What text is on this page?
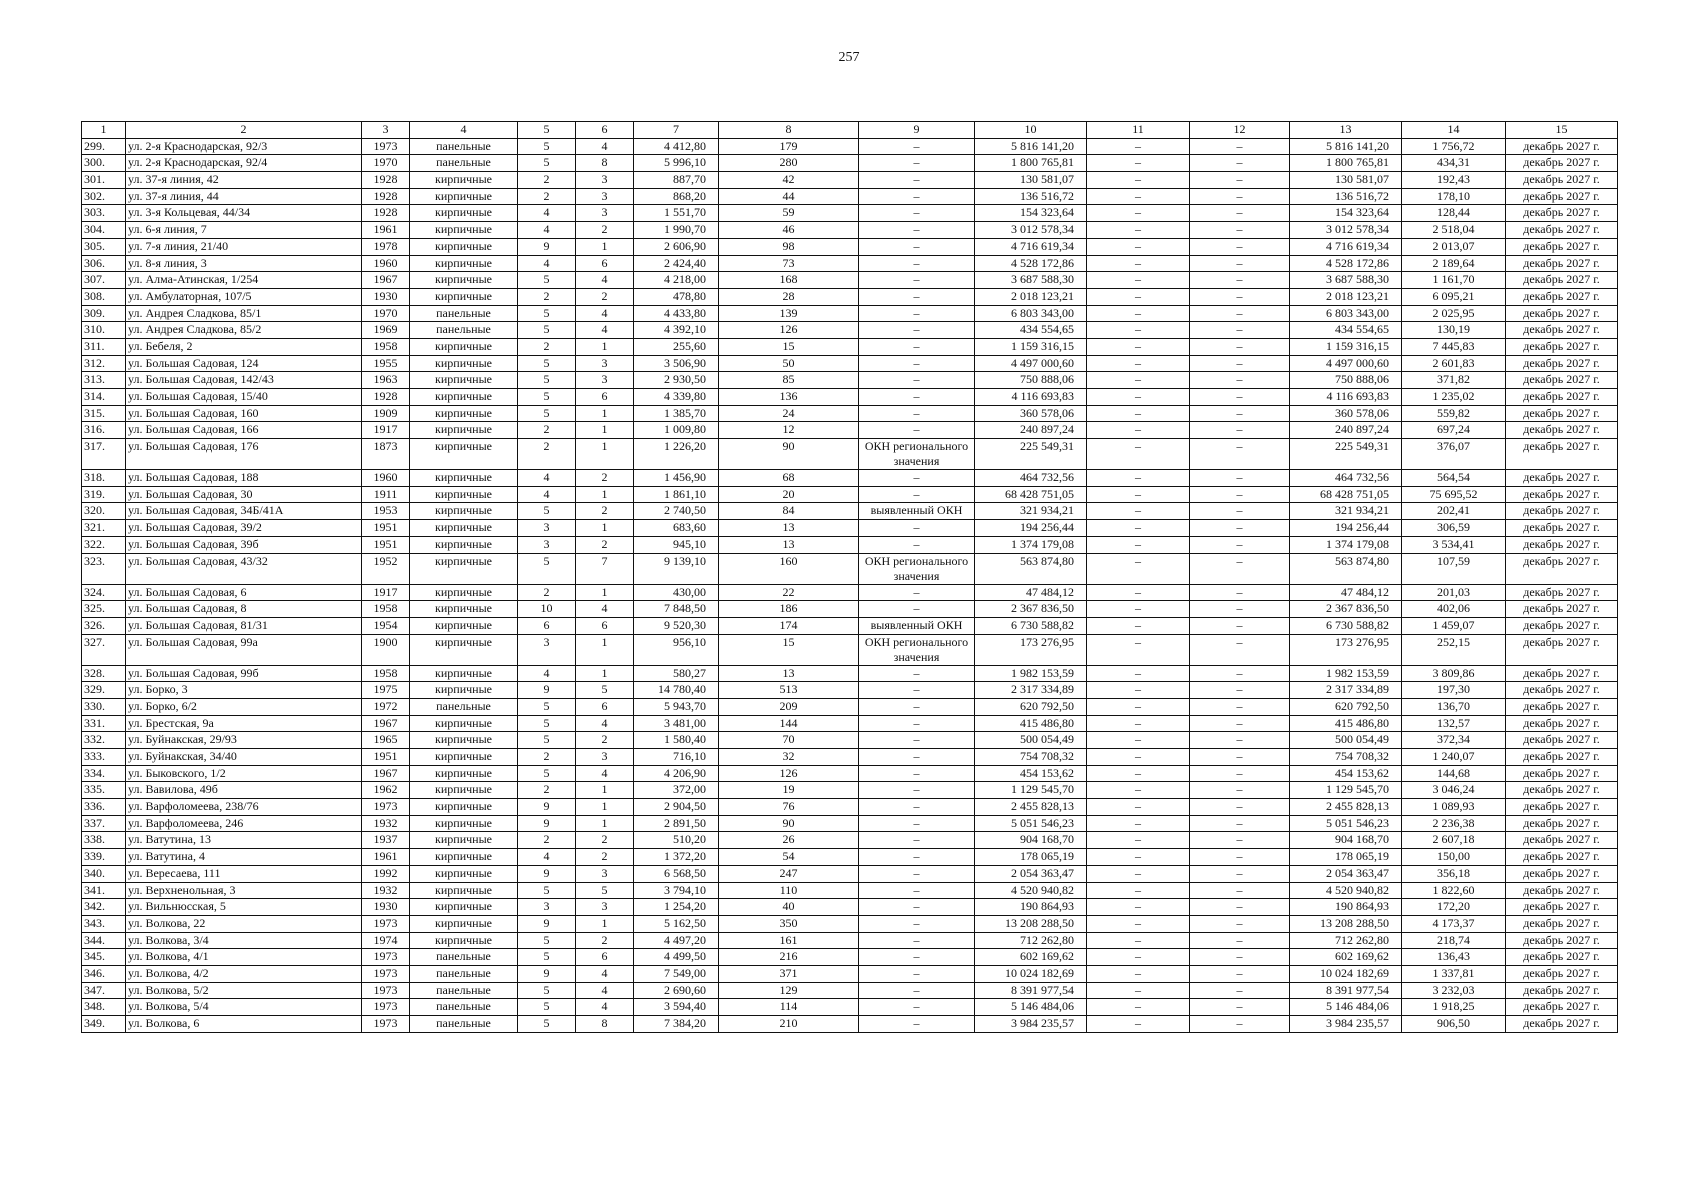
257
1	2	3	4	5	6	7	8	9	10	11	12	13	14	15
299.	ул. 2-я Краснодарская, 92/3	1973	панельные	5	4	4 412,80	179	–	5 816 141,20	–	–	5 816 141,20	1 756,72	декабрь 2027 г.
300.	ул. 2-я Краснодарская, 92/4	1970	панельные	5	8	5 996,10	280	–	1 800 765,81	–	–	1 800 765,81	434,31	декабрь 2027 г.
301.	ул. 37-я линия, 42	1928	кирпичные	2	3	887,70	42	–	130 581,07	–	–	130 581,07	192,43	декабрь 2027 г.
302.	ул. 37-я линия, 44	1928	кирпичные	2	3	868,20	44	–	136 516,72	–	–	136 516,72	178,10	декабрь 2027 г.
303.	ул. 3-я Кольцевая, 44/34	1928	кирпичные	4	3	1 551,70	59	–	154 323,64	–	–	154 323,64	128,44	декабрь 2027 г.
304.	ул. 6-я линия, 7	1961	кирпичные	4	2	1 990,70	46	–	3 012 578,34	–	–	3 012 578,34	2 518,04	декабрь 2027 г.
305.	ул. 7-я линия, 21/40	1978	кирпичные	9	1	2 606,90	98	–	4 716 619,34	–	–	4 716 619,34	2 013,07	декабрь 2027 г.
306.	ул. 8-я линия, 3	1960	кирпичные	4	6	2 424,40	73	–	4 528 172,86	–	–	4 528 172,86	2 189,64	декабрь 2027 г.
307.	ул. Алма-Атинская, 1/254	1967	кирпичные	5	4	4 218,00	168	–	3 687 588,30	–	–	3 687 588,30	1 161,70	декабрь 2027 г.
308.	ул. Амбулаторная, 107/5	1930	кирпичные	2	2	478,80	28	–	2 018 123,21	–	–	2 018 123,21	6 095,21	декабрь 2027 г.
309.	ул. Андрея Сладкова, 85/1	1970	панельные	5	4	4 433,80	139	–	6 803 343,00	–	–	6 803 343,00	2 025,95	декабрь 2027 г.
310.	ул. Андрея Сладкова, 85/2	1969	панельные	5	4	4 392,10	126	–	434 554,65	–	–	434 554,65	130,19	декабрь 2027 г.
311.	ул. Бебеля, 2	1958	кирпичные	2	1	255,60	15	–	1 159 316,15	–	–	1 159 316,15	7 445,83	декабрь 2027 г.
312.	ул. Большая Садовая, 124	1955	кирпичные	5	3	3 506,90	50	–	4 497 000,60	–	–	4 497 000,60	2 601,83	декабрь 2027 г.
313.	ул. Большая Садовая, 142/43	1963	кирпичные	5	3	2 930,50	85	–	750 888,06	–	–	750 888,06	371,82	декабрь 2027 г.
314.	ул. Большая Садовая, 15/40	1928	кирпичные	5	6	4 339,80	136	–	4 116 693,83	–	–	4 116 693,83	1 235,02	декабрь 2027 г.
315.	ул. Большая Садовая, 160	1909	кирпичные	5	1	1 385,70	24	–	360 578,06	–	–	360 578,06	559,82	декабрь 2027 г.
316.	ул. Большая Садовая, 166	1917	кирпичные	2	1	1 009,80	12	–	240 897,24	–	–	240 897,24	697,24	декабрь 2027 г.
317.	ул. Большая Садовая, 176	1873	кирпичные	2	1	1 226,20	90	ОКН регионального значения	225 549,31	–	–	225 549,31	376,07	декабрь 2027 г.
318.	ул. Большая Садовая, 188	1960	кирпичные	4	2	1 456,90	68	–	464 732,56	–	–	464 732,56	564,54	декабрь 2027 г.
319.	ул. Большая Садовая, 30	1911	кирпичные	4	1	1 861,10	20	–	68 428 751,05	–	–	68 428 751,05	75 695,52	декабрь 2027 г.
320.	ул. Большая Садовая, 34Б/41А	1953	кирпичные	5	2	2 740,50	84	выявленный ОКН	321 934,21	–	–	321 934,21	202,41	декабрь 2027 г.
321.	ул. Большая Садовая, 39/2	1951	кирпичные	3	1	683,60	13	–	194 256,44	–	–	194 256,44	306,59	декабрь 2027 г.
322.	ул. Большая Садовая, 39б	1951	кирпичные	3	2	945,10	13	–	1 374 179,08	–	–	1 374 179,08	3 534,41	декабрь 2027 г.
323.	ул. Большая Садовая, 43/32	1952	кирпичные	5	7	9 139,10	160	ОКН регионального значения	563 874,80	–	–	563 874,80	107,59	декабрь 2027 г.
324.	ул. Большая Садовая, 6	1917	кирпичные	2	1	430,00	22	–	47 484,12	–	–	47 484,12	201,03	декабрь 2027 г.
325.	ул. Большая Садовая, 8	1958	кирпичные	10	4	7 848,50	186	–	2 367 836,50	–	–	2 367 836,50	402,06	декабрь 2027 г.
326.	ул. Большая Садовая, 81/31	1954	кирпичные	6	6	9 520,30	174	выявленный ОКН	6 730 588,82	–	–	6 730 588,82	1 459,07	декабрь 2027 г.
327.	ул. Большая Садовая, 99а	1900	кирпичные	3	1	956,10	15	ОКН регионального значения	173 276,95	–	–	173 276,95	252,15	декабрь 2027 г.
328.	ул. Большая Садовая, 99б	1958	кирпичные	4	1	580,27	13	–	1 982 153,59	–	–	1 982 153,59	3 809,86	декабрь 2027 г.
329.	ул. Борко, 3	1975	кирпичные	9	5	14 780,40	513	–	2 317 334,89	–	–	2 317 334,89	197,30	декабрь 2027 г.
330.	ул. Борко, 6/2	1972	панельные	5	6	5 943,70	209	–	620 792,50	–	–	620 792,50	136,70	декабрь 2027 г.
331.	ул. Брестская, 9а	1967	кирпичные	5	4	3 481,00	144	–	415 486,80	–	–	415 486,80	132,57	декабрь 2027 г.
332.	ул. Буйнакская, 29/93	1965	кирпичные	5	2	1 580,40	70	–	500 054,49	–	–	500 054,49	372,34	декабрь 2027 г.
333.	ул. Буйнакская, 34/40	1951	кирпичные	2	3	716,10	32	–	754 708,32	–	–	754 708,32	1 240,07	декабрь 2027 г.
334.	ул. Быковского, 1/2	1967	кирпичные	5	4	4 206,90	126	–	454 153,62	–	–	454 153,62	144,68	декабрь 2027 г.
335.	ул. Вавилова, 49б	1962	кирпичные	2	1	372,00	19	–	1 129 545,70	–	–	1 129 545,70	3 046,24	декабрь 2027 г.
336.	ул. Варфоломеева, 238/76	1973	кирпичные	9	1	2 904,50	76	–	2 455 828,13	–	–	2 455 828,13	1 089,93	декабрь 2027 г.
337.	ул. Варфоломеева, 246	1932	кирпичные	9	1	2 891,50	90	–	5 051 546,23	–	–	5 051 546,23	2 236,38	декабрь 2027 г.
338.	ул. Ватутина, 13	1937	кирпичные	2	2	510,20	26	–	904 168,70	–	–	904 168,70	2 607,18	декабрь 2027 г.
339.	ул. Ватутина, 4	1961	кирпичные	4	2	1 372,20	54	–	178 065,19	–	–	178 065,19	150,00	декабрь 2027 г.
340.	ул. Вересаева, 111	1992	кирпичные	9	3	6 568,50	247	–	2 054 363,47	–	–	2 054 363,47	356,18	декабрь 2027 г.
341.	ул. Верхненольная, 3	1932	кирпичные	5	5	3 794,10	110	–	4 520 940,82	–	–	4 520 940,82	1 822,60	декабрь 2027 г.
342.	ул. Вильнюсская, 5	1930	кирпичные	3	3	1 254,20	40	–	190 864,93	–	–	190 864,93	172,20	декабрь 2027 г.
343.	ул. Волкова, 22	1973	кирпичные	9	1	5 162,50	350	–	13 208 288,50	–	–	13 208 288,50	4 173,37	декабрь 2027 г.
344.	ул. Волкова, 3/4	1974	кирпичные	5	2	4 497,20	161	–	712 262,80	–	–	712 262,80	218,74	декабрь 2027 г.
345.	ул. Волкова, 4/1	1973	панельные	5	6	4 499,50	216	–	602 169,62	–	–	602 169,62	136,43	декабрь 2027 г.
346.	ул. Волкова, 4/2	1973	панельные	9	4	7 549,00	371	–	10 024 182,69	–	–	10 024 182,69	1 337,81	декабрь 2027 г.
347.	ул. Волкова, 5/2	1973	панельные	5	4	2 690,60	129	–	8 391 977,54	–	–	8 391 977,54	3 232,03	декабрь 2027 г.
348.	ул. Волкова, 5/4	1973	панельные	5	4	3 594,40	114	–	5 146 484,06	–	–	5 146 484,06	1 918,25	декабрь 2027 г.
349.	ул. Волкова, 6	1973	панельные	5	8	7 384,20	210	–	3 984 235,57	–	–	3 984 235,57	906,50	декабрь 2027 г.
